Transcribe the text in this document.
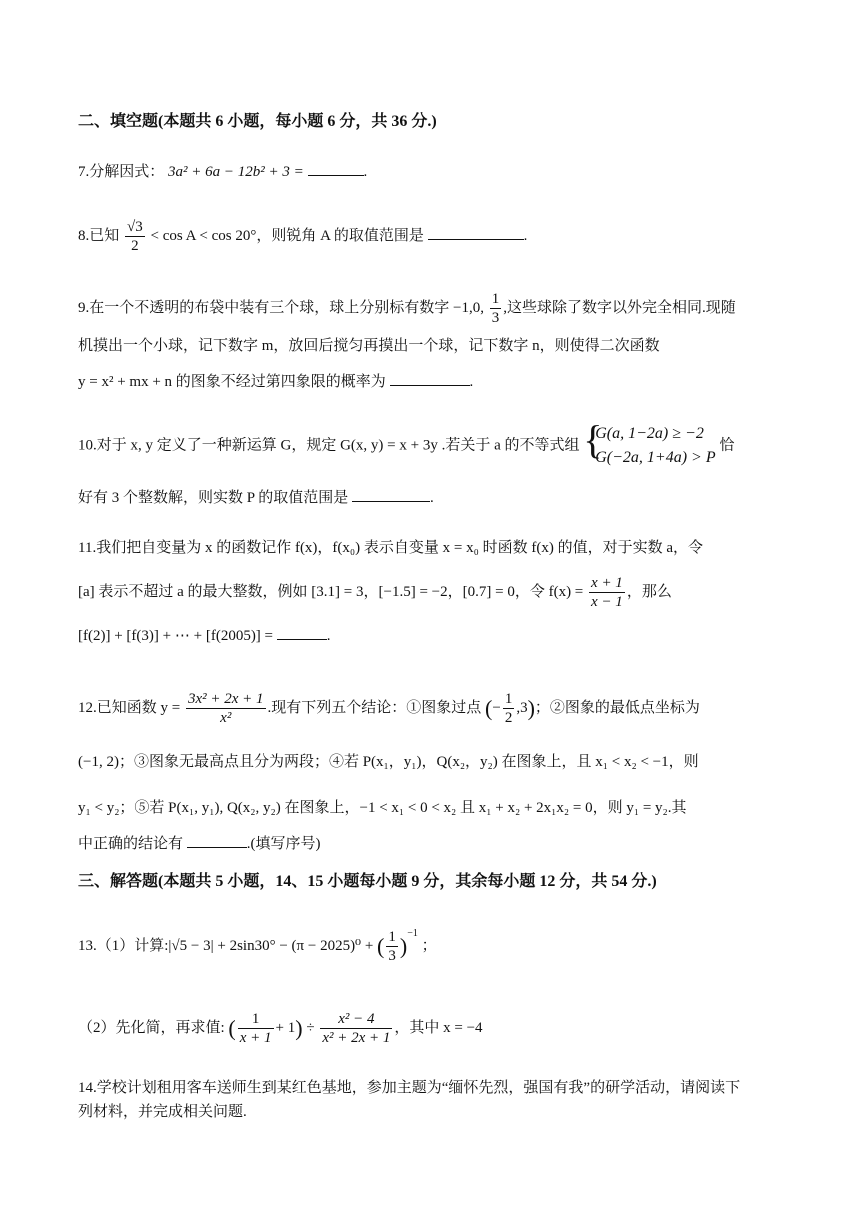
二、填空题(本题共 6 小题，每小题 6 分，共 36 分.)
7.分解因式： 3a² + 6a − 12b² + 3 =	.
8.已知 $\frac{√3}{2} < \cos A < \cos 20^\circ$，则锐角 A 的取值范围是	.
9.在一个不透明的布袋中装有三个球，球上分别标有数字 −1,0, $\frac{1}{3}$ ,这些球除了数字以外完全相同.现随
机摸出一个小球，记下数字 m，放回后搅匀再摸出一个球，记下数字 n，则使得二次函数
y = x² + mx + n 的图象不经过第四象限的概率为	.
10.对于 x, y 定义了一种新运算 G，规定 G(x, y) = x + 3y .若关于 a 的不等式组 {
G(a, 1−2a) ≥ −2
G(−2a, 1+4a) > P
恰
好有 3 个整数解，则实数 P 的取值范围是	.
11.我们把自变量为 x 的函数记作 f(x)，f(x₀) 表示自变量 x = x₀ 时函数 f(x) 的值，对于实数 a，令
[a] 表示不超过 a 的最大整数，例如 [3.1] = 3，[−1.5] = −2，[0.7] = 0，令 $f(x) = \frac{x + 1}{x - 1}$ ，那么
[f(2)] + [f(3)] + ⋯ + [f(2005)] =	.
12.已知函数 $y = \frac{\text{3x² + 2x + 1}}{\text{x²}}$ .现有下列五个结论：①图象过点 (− $\frac{1}{2} ,3$)；②图象的最低点坐标为
(−1, 2)；③图象无最高点且分为两段；④若 P(x₁，y₁)，Q(x₂，y₂) 在图象上，且 x₁ < x₂ < −1，则
y₁ < y₂；⑤若 P(x₁, y₁), Q(x₂, y₂) 在图象上，−1 < x₁ < 0 < x₂ 且 x₁ + x₂ + 2x₁x₂ = 0，则 y₁ = y₂.其
中正确的结论有	.(填写序号)
三、解答题(本题共 5 小题，14、15 小题每小题 9 分，其余每小题 12 分，共 54 分.)
13.（1）计算:|√5 − 3| + 2sin30° − (π − 2025)⁰ + ( $\frac{1}{3} )^{-1}$ ；
（2）先化简，再求值: ( $\frac{1}{x + 1} + 1) \div \frac{\text{x² − 4}}{\text{x² + 2x + 1}}$ ，其中 x = −4
14.学校计划租用客车送师生到某红色基地，参加主题为“缅怀先烈，强国有我”的研学活动，请阅读下
列材料，并完成相关问题.
